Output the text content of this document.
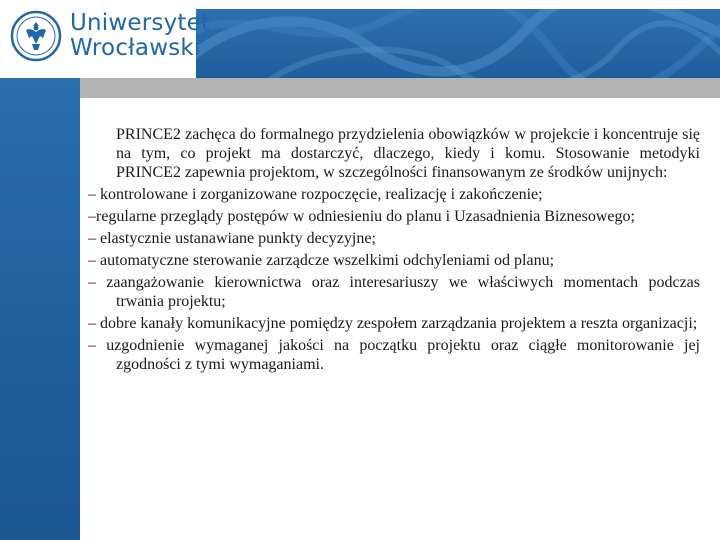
Uniwersytet
Wrocławski
PRINCE2 zachęca do formalnego przydzielenia obowiązków w projekcie i koncentruje się na tym, co projekt ma dostarczyć, dlaczego, kiedy i komu. Stosowanie metodyki PRINCE2 zapewnia projektom, w szczególności finansowanym ze środków unijnych:
– kontrolowane i zorganizowane rozpoczęcie, realizację i zakończenie;
–regularne przeglądy postępów w odniesieniu do planu i Uzasadnienia Biznesowego;
– elastycznie ustanawiane punkty decyzyjne;
– automatyczne sterowanie zarządcze wszelkimi odchyleniami od planu;
– zaangażowanie kierownictwa oraz interesariuszy we właściwych momentach podczas trwania projektu;
– dobre kanały komunikacyjne pomiędzy zespołem zarządzania projektem a reszta organizacji;
– uzgodnienie wymaganej jakości na początku projektu oraz ciągłe monitorowanie jej zgodności z tymi wymaganiami.
